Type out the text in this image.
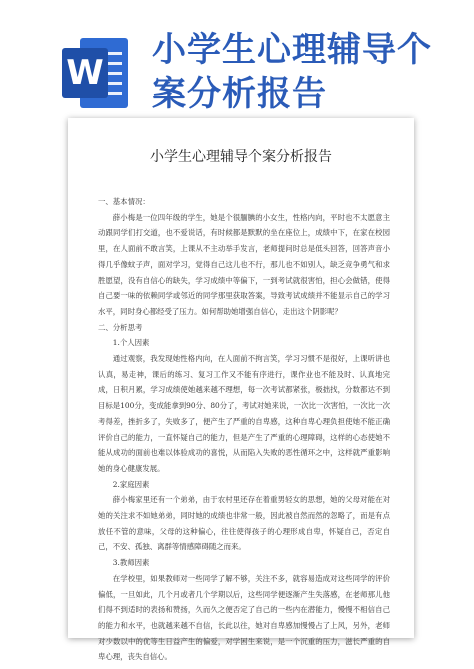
W
小学生心理辅导个
案分析报告
小学生心理辅导个案分析报告

一、基本情况：

薛小梅是一位四年级的学生，她是个很腼腆的小女生，性格内向，平时也不太愿意主动跟同学们打交道，也不爱说话，有时候都是默默的坐在座位上，成绩中下，在家在校园里，在人面前不敢言笑，上课从不主动举手发言，老师提问时总是低头回答，回答声音小得几乎像蚊子声，面对学习，觉得自己这儿也不行，那儿也不如别人，缺乏竞争勇气和求胜愿望，没有自信心的缺失，学习成绩中等偏下，一到考试就很害怕，担心会做错，使得自己要一味的依赖同学或邻近的同学那里获取答案，导致考试成绩并不能显示自己的学习水平，同时身心都经受了压力。如何帮助她增强自信心，走出这个阴影呢？

二、分析思考

1.个人因素

通过观察，我发现她性格内向，在人面前不拘言笑，学习习惯不是很好，上课听讲也认真，易走神，课后的练习、复习工作又不能有序进行，课作业也不能及时、认真地完成，日积月累，学习成绩使她越来越不理想，每一次考试都紧张，极拙找，分数都达不到目标是100分，变成能拿到90分、80分了，考试对她来说，一次比一次害怕，一次比一次考得差，挫折多了，失败多了，便产生了严重的自卑感，这种自卑心理负担使她不能正确评价自己的能力，一直怀疑自己的能力，但是产生了严重的心理障碍，这样的心态使她不能从成功的面前也难以体验成功的喜悦，从而陷入失败的恶性循环之中，这样就严重影响她的身心健康发展。

2.家庭因素

薛小梅家里还有一个弟弟，由于农村里还存在着重男轻女的思想，她的父母对能在对她的关注求不如她弟弟，同时她的成绩也非常一般，因此被自然而然的忽略了，而是有点放任不管的意味，父母的这种偏心，往往使得孩子的心理形成自卑，怀疑自己，否定自己，不安、孤独、离群等情感障碍随之而来。

3.教师因素

在学校里，如果教师对一些同学了解不够，关注不多，就容易造成对这些同学的评价偏低，一旦如此，几个月或者几个学期以后，这些同学便逐渐产生失落感，在老师那儿他们得不到适时的表扬和赞扬，久而久之便否定了自己的一些内在潜能力，慢慢不相信自己的能力和水平，也就越来越不自信，长此以往，她对自卑感加慢慢占了上风，另外，老师对少数以中的优等生日益产生的偏爱，对学困生来说，是一个沉重的压力，滋长严重的自卑心理，丧失自信心。
